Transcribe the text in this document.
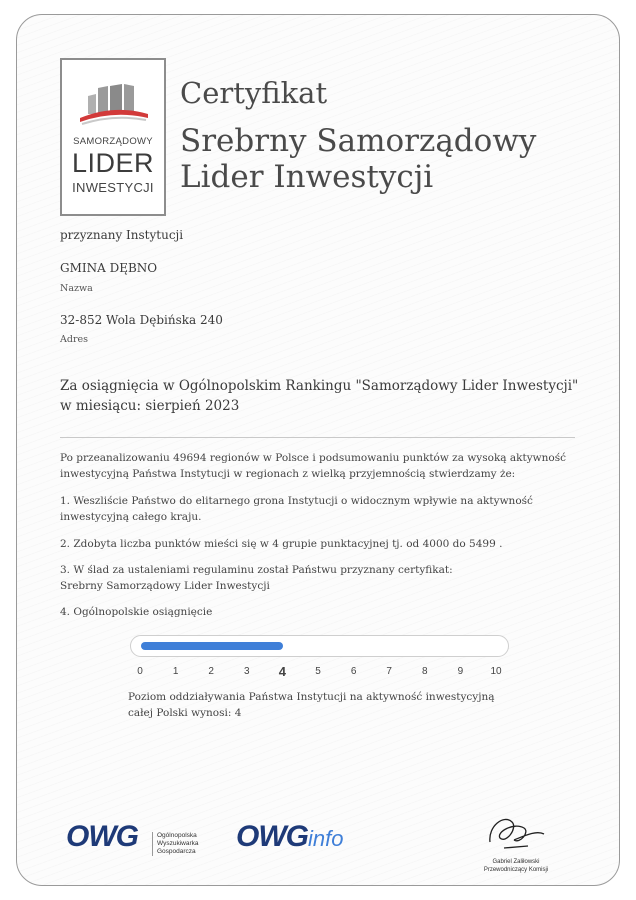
SAMORZĄDOWY
LIDER
INWESTYCJI
Certyfikat
Srebrny Samorządowy
Lider Inwestycji
przyznany Instytucji
GMINA DĘBNO
Nazwa
32-852 Wola Dębińska 240
Adres
Za osiągnięcia w Ogólnopolskim Rankingu "Samorządowy Lider Inwestycji"
w miesiącu: sierpień 2023
Po przeanalizowaniu 49694 regionów w Polsce i podsumowaniu punktów za wysoką aktywność
inwestycyjną Państwa Instytucji w regionach z wielką przyjemnością stwierdzamy że:
1. Weszliście Państwo do elitarnego grona Instytucji o widocznym wpływie na aktywność
inwestycyjną całego kraju.
2. Zdobyta liczba punktów mieści się w 4 grupie punktacyjnej tj. od 4000 do 5499 .
3. W ślad za ustaleniami regulaminu został Państwu przyznany certyfikat:
Srebrny Samorządowy Lider Inwestycji
4. Ogólnopolskie osiągnięcie
0	1	2	3	4	5	6	7	8	9	10
Poziom oddziaływania Państwa Instytucji na aktywność inwestycyjną
całej Polski wynosi: 4
OWG	Ogólnopolska
Wyszukiwarka
Gospodarcza OWGinfo
Gabriel Zaliłowski
Przewodniczący Komisji
